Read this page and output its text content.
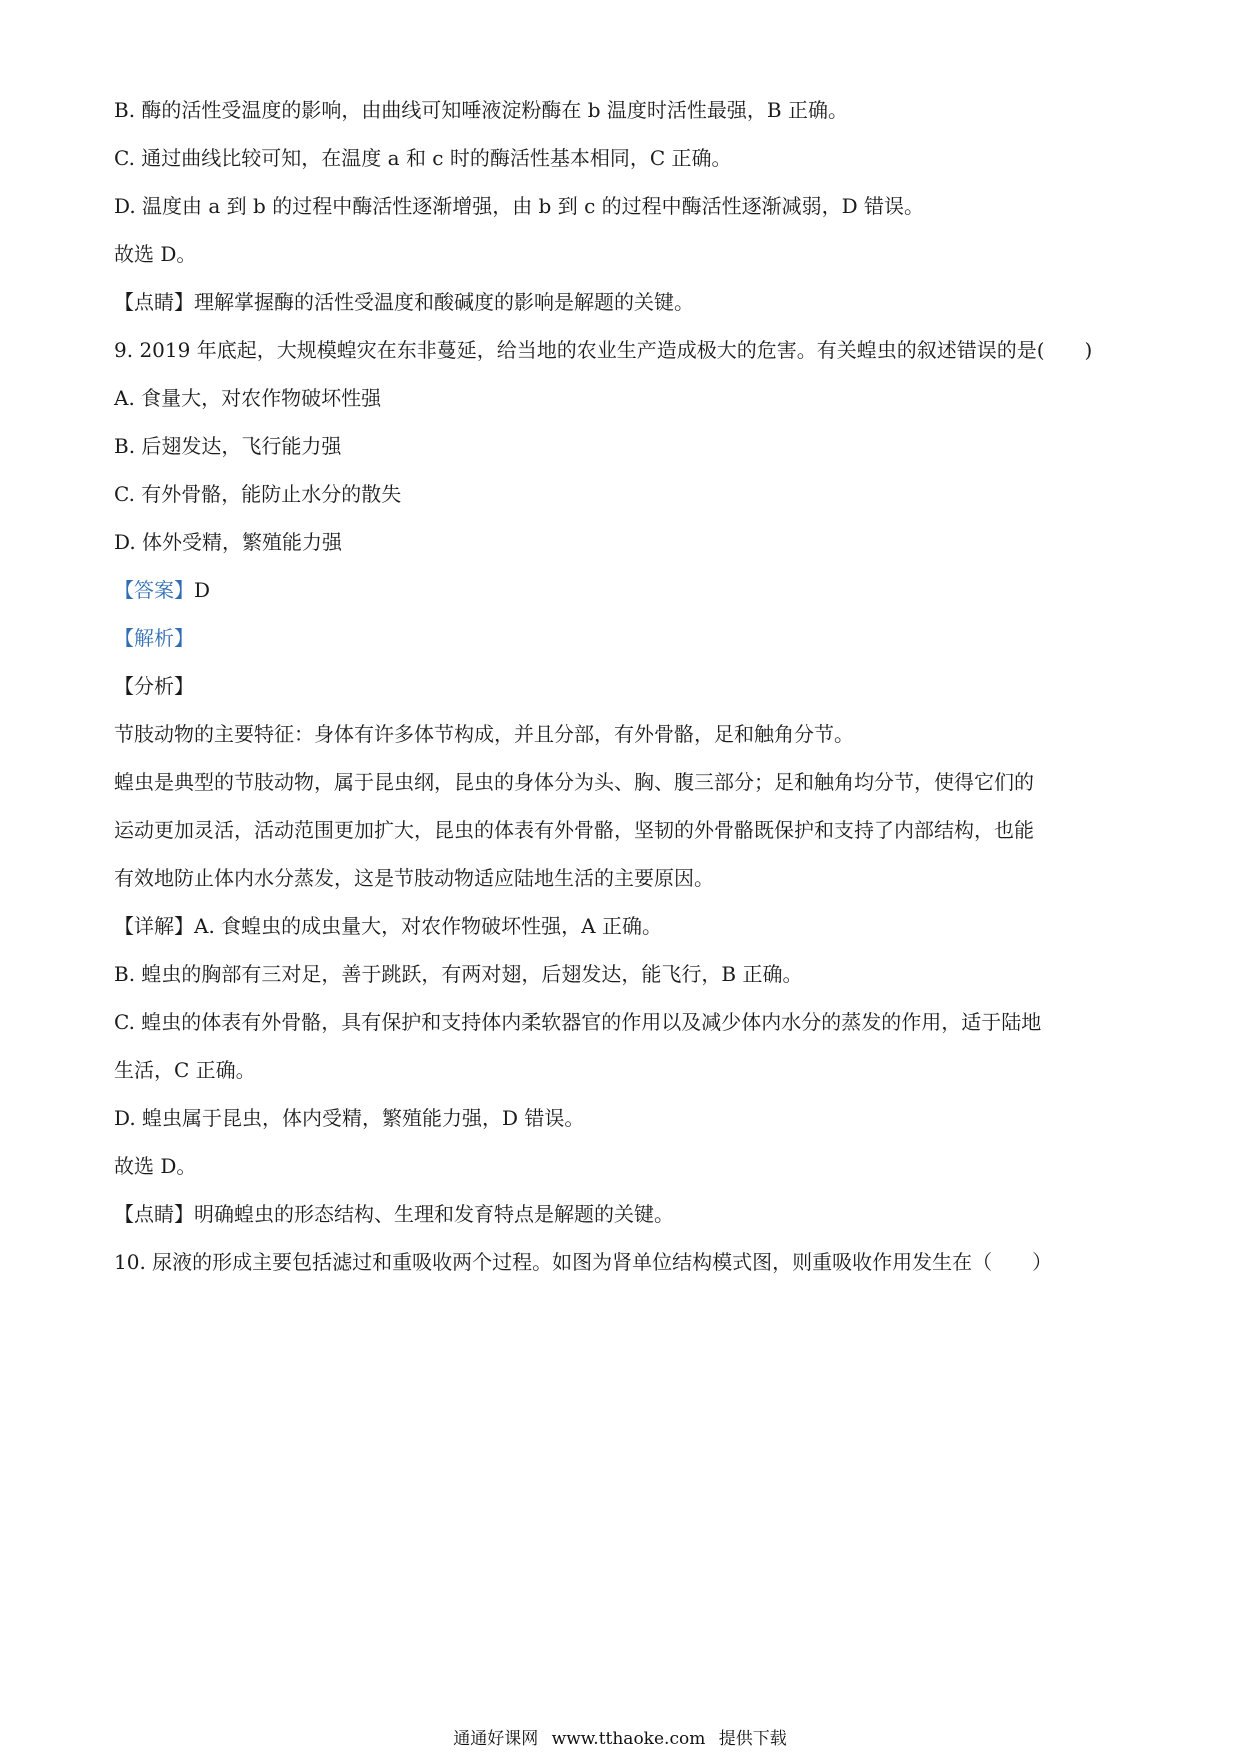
B. 酶的活性受温度的影响，由曲线可知唾液淀粉酶在 b 温度时活性最强，B 正确。
C. 通过曲线比较可知，在温度 a 和 c 时的酶活性基本相同，C 正确。
D. 温度由 a 到 b 的过程中酶活性逐渐增强，由 b 到 c 的过程中酶活性逐渐减弱，D 错误。
故选 D。
【点睛】理解掌握酶的活性受温度和酸碱度的影响是解题的关键。
9. 2019 年底起，大规模蝗灾在东非蔓延，给当地的农业生产造成极大的危害。有关蝗虫的叙述错误的是(　　)
A. 食量大，对农作物破坏性强
B. 后翅发达，飞行能力强
C. 有外骨骼，能防止水分的散失
D. 体外受精，繁殖能力强
【答案】D
【解析】
【分析】
节肢动物的主要特征：身体有许多体节构成，并且分部，有外骨骼，足和触角分节。
蝗虫是典型的节肢动物，属于昆虫纲，昆虫的身体分为头、胸、腹三部分；足和触角均分节，使得它们的
运动更加灵活，活动范围更加扩大，昆虫的体表有外骨骼，坚韧的外骨骼既保护和支持了内部结构，也能
有效地防止体内水分蒸发，这是节肢动物适应陆地生活的主要原因。
【详解】A. 食蝗虫的成虫量大，对农作物破坏性强，A 正确。
B. 蝗虫的胸部有三对足，善于跳跃，有两对翅，后翅发达，能飞行，B 正确。
C. 蝗虫的体表有外骨骼，具有保护和支持体内柔软器官的作用以及减少体内水分的蒸发的作用，适于陆地
生活，C 正确。
D. 蝗虫属于昆虫，体内受精，繁殖能力强，D 错误。
故选 D。
【点睛】明确蝗虫的形态结构、生理和发育特点是解题的关键。
10. 尿液的形成主要包括滤过和重吸收两个过程。如图为肾单位结构模式图，则重吸收作用发生在（　　）
通通好课网 www.tthaoke.com 提供下载
